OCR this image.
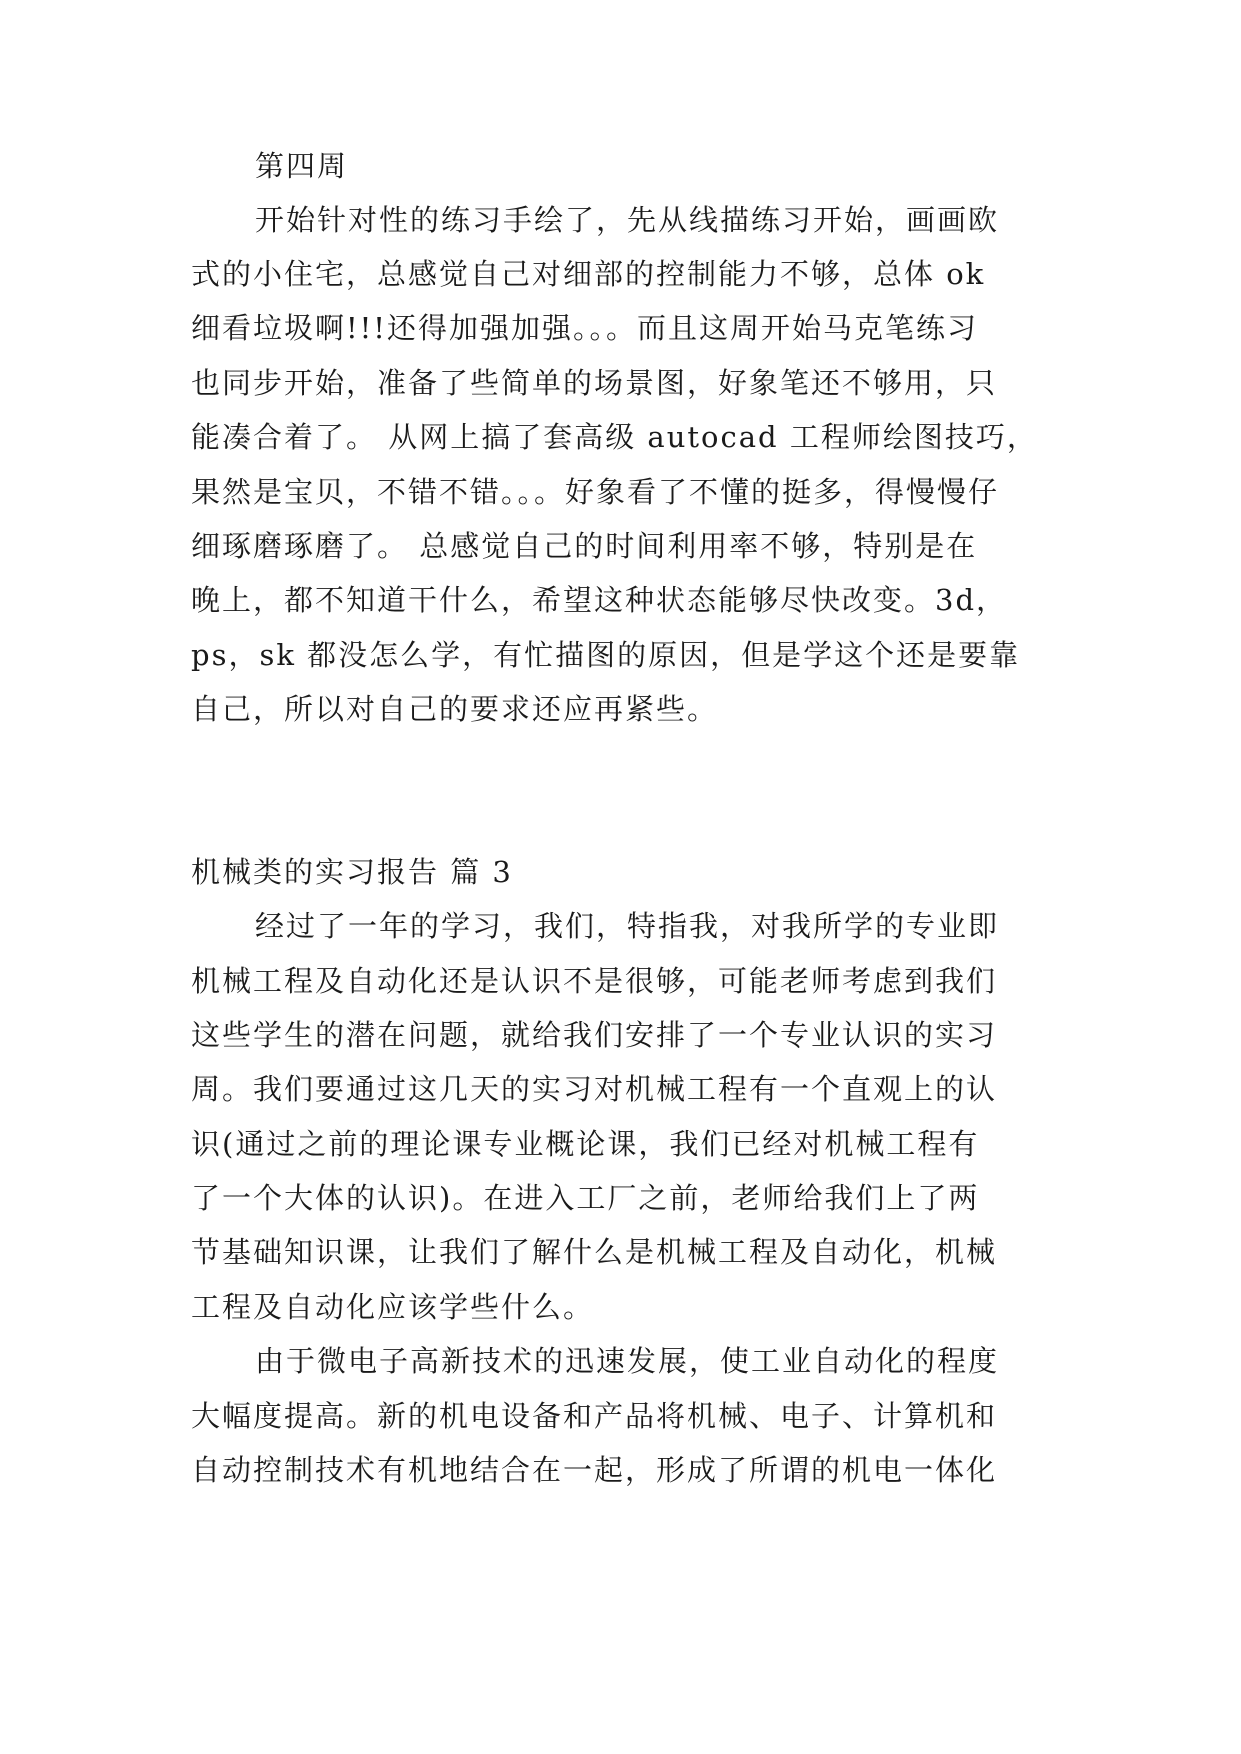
第四周
开始针对性的练习手绘了，先从线描练习开始，画画欧
式的小住宅，总感觉自己对细部的控制能力不够，总体 ok
细看垃圾啊!!!还得加强加强。。。而且这周开始马克笔练习
也同步开始，准备了些简单的场景图，好象笔还不够用，只
能凑合着了。 从网上搞了套高级 autocad 工程师绘图技巧，
果然是宝贝，不错不错。。。好象看了不懂的挺多，得慢慢仔
细琢磨琢磨了。 总感觉自己的时间利用率不够，特别是在
晚上，都不知道干什么，希望这种状态能够尽快改变。3d，
ps，sk 都没怎么学，有忙描图的原因，但是学这个还是要靠
自己，所以对自己的要求还应再紧些。
机械类的实习报告 篇 3
经过了一年的学习，我们，特指我，对我所学的专业即
机械工程及自动化还是认识不是很够，可能老师考虑到我们
这些学生的潜在问题，就给我们安排了一个专业认识的实习
周。我们要通过这几天的实习对机械工程有一个直观上的认
识(通过之前的理论课专业概论课，我们已经对机械工程有
了一个大体的认识)。在进入工厂之前，老师给我们上了两
节基础知识课，让我们了解什么是机械工程及自动化，机械
工程及自动化应该学些什么。
由于微电子高新技术的迅速发展，使工业自动化的程度
大幅度提高。新的机电设备和产品将机械、电子、计算机和
自动控制技术有机地结合在一起，形成了所谓的机电一体化
